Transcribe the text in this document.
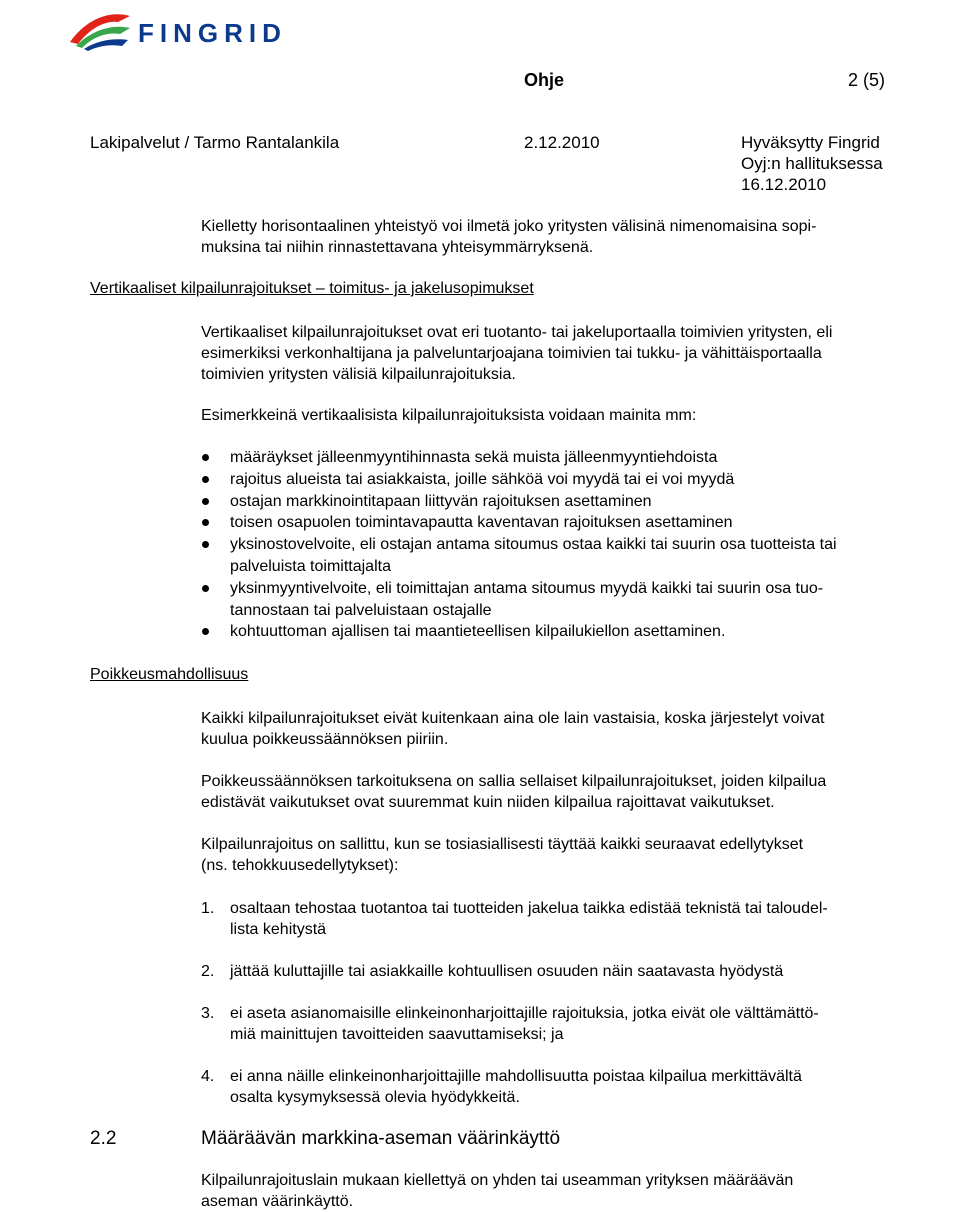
FINGRID
Ohje	2 (5)
Lakipalvelut / Tarmo Rantalankila	2.12.2010	Hyväksytty Fingrid
Oyj:n hallituksessa
16.12.2010
Kielletty horisontaalinen yhteistyö voi ilmetä joko yritysten välisinä nimenomaisina sopi-
muksina tai niihin rinnastettavana yhteisymmärryksenä.
Vertikaaliset kilpailunrajoitukset – toimitus- ja jakelusopimukset
Vertikaaliset kilpailunrajoitukset ovat eri tuotanto- tai jakeluportaalla toimivien yritysten, eli
esimerkiksi verkonhaltijana ja palveluntarjoajana toimivien tai tukku- ja vähittäisportaalla
toimivien yritysten välisiä kilpailunrajoituksia.
Esimerkkeinä vertikaalisista kilpailunrajoituksista voidaan mainita mm:
määräykset jälleenmyyntihinnasta sekä muista jälleenmyyntiehdoista
rajoitus alueista tai asiakkaista, joille sähköä voi myydä tai ei voi myydä
ostajan markkinointitapaan liittyvän rajoituksen asettaminen
toisen osapuolen toimintavapautta kaventavan rajoituksen asettaminen
yksinostovelvoite, eli ostajan antama sitoumus ostaa kaikki tai suurin osa tuotteista tai
palveluista toimittajalta
yksinmyyntivelvoite, eli toimittajan antama sitoumus myydä kaikki tai suurin osa tuo-
tannostaan tai palveluistaan ostajalle
kohtuuttoman ajallisen tai maantieteellisen kilpailukiellon asettaminen.
Poikkeusmahdollisuus
Kaikki kilpailunrajoitukset eivät kuitenkaan aina ole lain vastaisia, koska järjestelyt voivat
kuulua poikkeussäännöksen piiriin.
Poikkeussäännöksen tarkoituksena on sallia sellaiset kilpailunrajoitukset, joiden kilpailua
edistävät vaikutukset ovat suuremmat kuin niiden kilpailua rajoittavat vaikutukset.
Kilpailunrajoitus on sallittu, kun se tosiasiallisesti täyttää kaikki seuraavat edellytykset
(ns. tehokkuusedellytykset):
1. osaltaan tehostaa tuotantoa tai tuotteiden jakelua taikka edistää teknistä tai taloudel-
lista kehitystä
2. jättää kuluttajille tai asiakkaille kohtuullisen osuuden näin saatavasta hyödystä
3. ei aseta asianomaisille elinkeinonharjoittajille rajoituksia, jotka eivät ole välttämättö-
miä mainittujen tavoitteiden saavuttamiseksi; ja
4. ei anna näille elinkeinonharjoittajille mahdollisuutta poistaa kilpailua merkittävältä
osalta kysymyksessä olevia hyödykkeitä.
2.2	Määräävän markkina-aseman väärinkäyttö
Kilpailunrajoituslain mukaan kiellettyä on yhden tai useamman yrityksen määräävän
aseman väärinkäyttö.
